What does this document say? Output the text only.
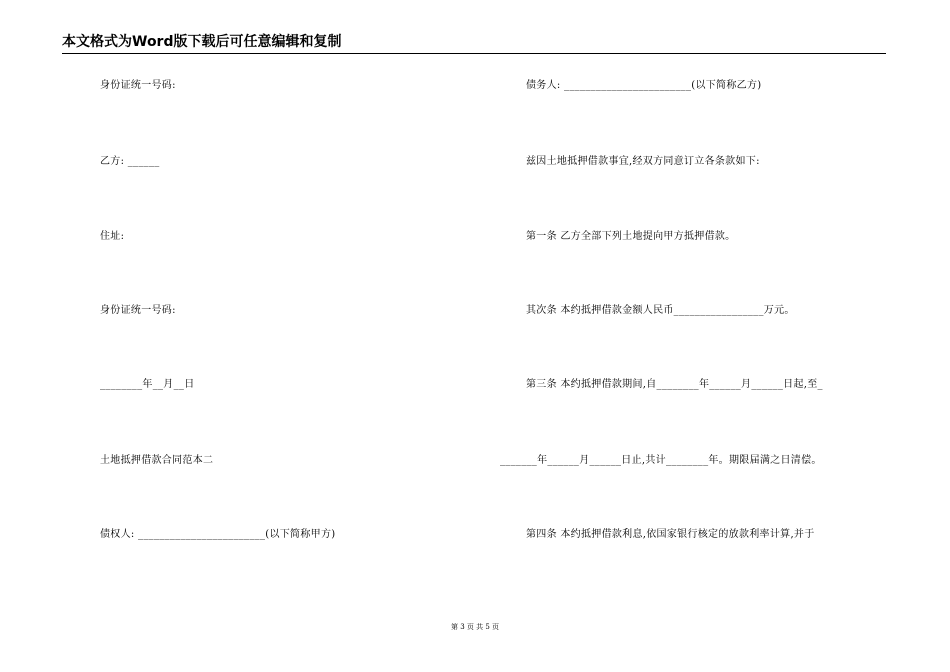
本文格式为Word版下载后可任意编辑和复制
身份证统一号码:
乙方: ______
住址:
身份证统一号码:
________年__月__日
土地抵押借款合同范本二
债权人: ________________________(以下简称甲方)
债务人: ________________________(以下简称乙方)
兹因土地抵押借款事宜,经双方同意订立各条款如下:
第一条 乙方全部下列土地提向甲方抵押借款。
其次条 本约抵押借款金额人民币_________________万元。
第三条 本约抵押借款期间,自________年______月______日起,至_
_______年______月______日止,共计________年。期限届满之日清偿。
第四条 本约抵押借款利息,依国家银行核定的放款利率计算,并于
第 3 页 共 5 页
